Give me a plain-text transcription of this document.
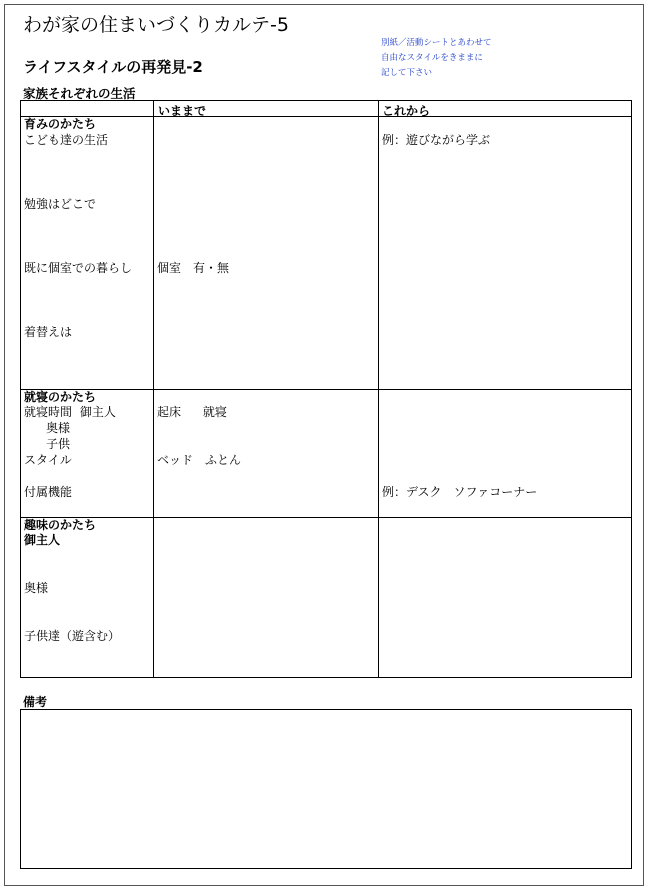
わが家の住まいづくりカルテ-5
別紙／活動シートとあわせて
自由なスタイルをきままに
記して下さい
ライフスタイルの再発見-2
家族それぞれの生活
いままで	これから
育みのかたち
こども達の生活
勉強はどこで
既に個室での暮らし
着替えは
個室　有・無
例：遊びながら学ぶ
就寝のかたち
就寝時間 御主人
奥様
子供
スタイル
付属機能
起床 就寝
ベッド　ふとん
例：デスク　ソファコーナー
趣味のかたち
御主人
奥様
子供達（遊含む）
備考
